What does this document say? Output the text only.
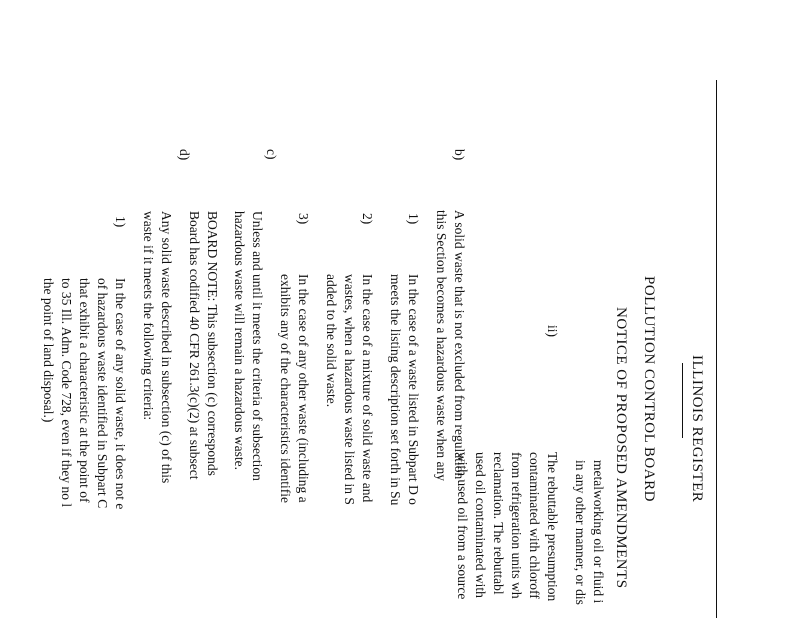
ILLINOIS REGISTER
POLLUTION CONTROL BOARD
NOTICE OF PROPOSED AMENDMENTS
metalworking oil or fluid i
in any other manner, or dis
ii)
The rebuttable presumption
contaminated with chloroff
from refrigeration units wh
reclamation. The rebuttabl
used oil contaminated with
with used oil from a source
b)
A solid waste that is not excluded from regulation
this Section becomes a hazardous waste when any
1)
In the case of a waste listed in Subpart D o
meets the listing description set forth in Su
2)
In the case of a mixture of solid waste and
wastes, when a hazardous waste listed in S
added to the solid waste.
3)
In the case of any other waste (including a
exhibits any of the characteristics identifie
c)
Unless and until it meets the criteria of subsection
hazardous waste will remain a hazardous waste.
BOARD NOTE: This subsection (c) corresponds
Board has codified 40 CFR 261.3(c)(2) at subsect
d)
Any solid waste described in subsection (c) of this
waste if it meets the following criteria:
1)
In the case of any solid waste, it does not e
of hazardous waste identified in Subpart C
that exhibit a characteristic at the point of
to 35 Ill. Adm. Code 728, even if they no l
the point of land disposal.)
